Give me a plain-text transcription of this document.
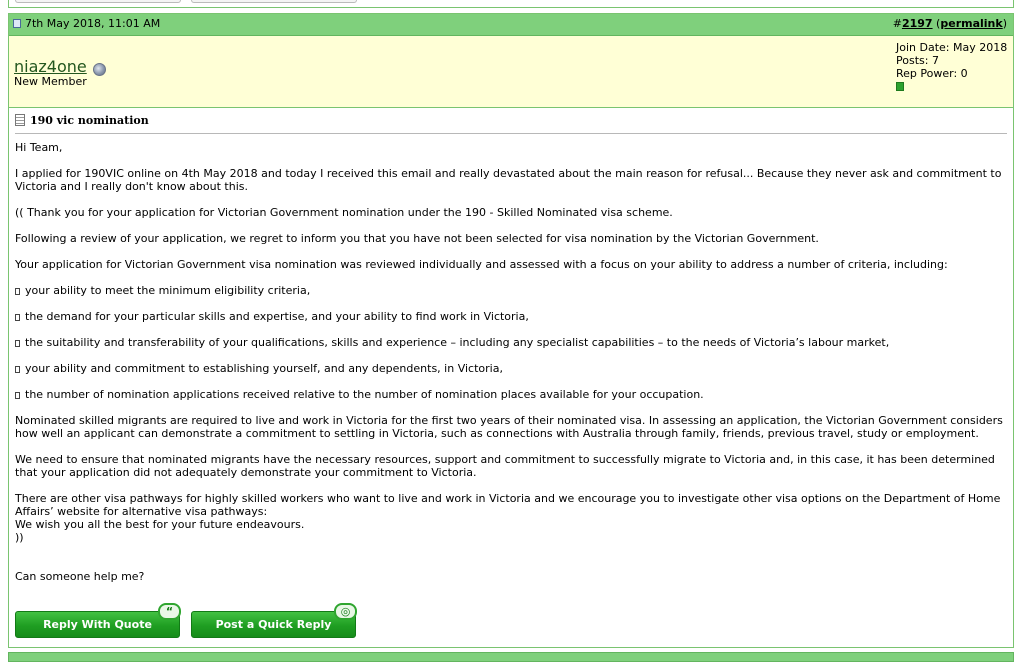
7th May 2018, 11:01 AM	#2197 (permalink)
niaz4one
New Member
Join Date: May 2018
Posts: 7
Rep Power: 0
190 vic nomination

Hi Team,

I applied for 190VIC online on 4th May 2018 and today I received this email and really devastated about the main reason for refusal... Because they never ask and commitment to Victoria and I really don't know about this.

(( Thank you for your application for Victorian Government nomination under the 190 - Skilled Nominated visa scheme.

Following a review of your application, we regret to inform you that you have not been selected for visa nomination by the Victorian Government.

Your application for Victorian Government visa nomination was reviewed individually and assessed with a focus on your ability to address a number of criteria, including:

your ability to meet the minimum eligibility criteria,

the demand for your particular skills and expertise, and your ability to find work in Victoria,

the suitability and transferability of your qualifications, skills and experience – including any specialist capabilities – to the needs of Victoria’s labour market,

your ability and commitment to establishing yourself, and any dependents, in Victoria,

the number of nomination applications received relative to the number of nomination places available for your occupation.

Nominated skilled migrants are required to live and work in Victoria for the first two years of their nominated visa. In assessing an application, the Victorian Government considers how well an applicant can demonstrate a commitment to settling in Victoria, such as connections with Australia through family, friends, previous travel, study or employment.

We need to ensure that nominated migrants have the necessary resources, support and commitment to successfully migrate to Victoria and, in this case, it has been determined that your application did not adequately demonstrate your commitment to Victoria.

There are other visa pathways for highly skilled workers who want to live and work in Victoria and we encourage you to investigate other visa options on the Department of Home Affairs’ website for alternative visa pathways:

We wish you all the best for your future endeavours.

))

Can someone help me?

Reply With Quote
“
Post a Quick Reply
◎
